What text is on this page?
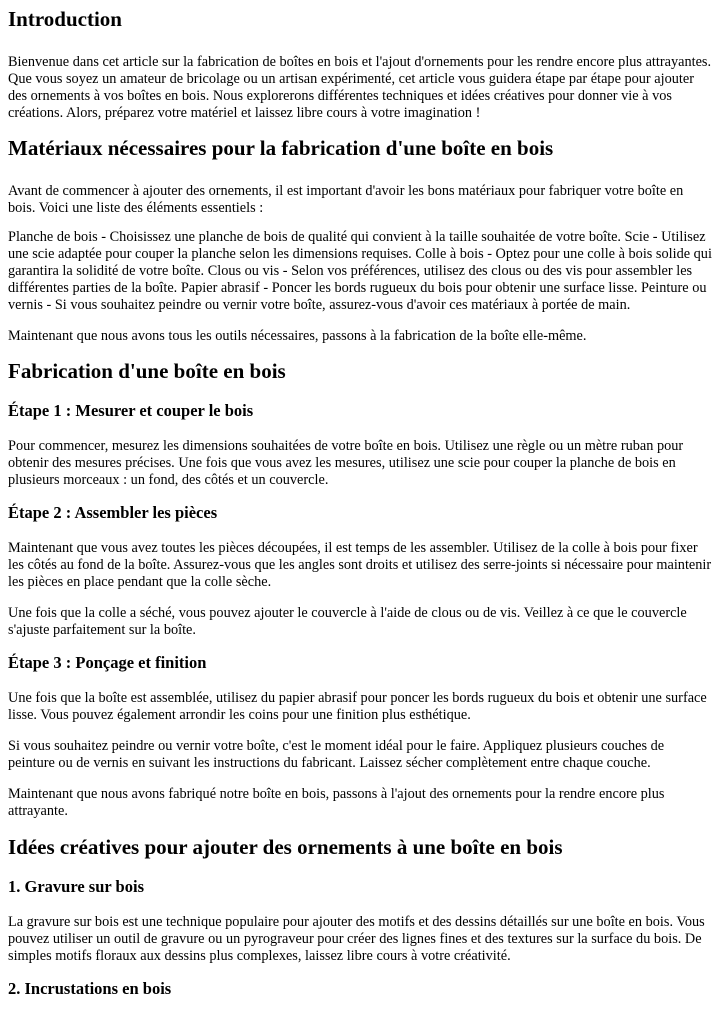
Introduction

Bienvenue dans cet article sur la fabrication de boîtes en bois et l'ajout d'ornements pour les rendre encore plus attrayantes. Que vous soyez un amateur de bricolage ou un artisan expérimenté, cet article vous guidera étape par étape pour ajouter des ornements à vos boîtes en bois. Nous explorerons différentes techniques et idées créatives pour donner vie à vos créations. Alors, préparez votre matériel et laissez libre cours à votre imagination !

Matériaux nécessaires pour la fabrication d'une boîte en bois

Avant de commencer à ajouter des ornements, il est important d'avoir les bons matériaux pour fabriquer votre boîte en bois. Voici une liste des éléments essentiels :

Planche de bois - Choisissez une planche de bois de qualité qui convient à la taille souhaitée de votre boîte. Scie - Utilisez une scie adaptée pour couper la planche selon les dimensions requises. Colle à bois - Optez pour une colle à bois solide qui garantira la solidité de votre boîte. Clous ou vis - Selon vos préférences, utilisez des clous ou des vis pour assembler les différentes parties de la boîte. Papier abrasif - Poncer les bords rugueux du bois pour obtenir une surface lisse. Peinture ou vernis - Si vous souhaitez peindre ou vernir votre boîte, assurez-vous d'avoir ces matériaux à portée de main.

Maintenant que nous avons tous les outils nécessaires, passons à la fabrication de la boîte elle-même.

Fabrication d'une boîte en bois
Étape 1 : Mesurer et couper le bois

Pour commencer, mesurez les dimensions souhaitées de votre boîte en bois. Utilisez une règle ou un mètre ruban pour obtenir des mesures précises. Une fois que vous avez les mesures, utilisez une scie pour couper la planche de bois en plusieurs morceaux : un fond, des côtés et un couvercle.

Étape 2 : Assembler les pièces

Maintenant que vous avez toutes les pièces découpées, il est temps de les assembler. Utilisez de la colle à bois pour fixer les côtés au fond de la boîte. Assurez-vous que les angles sont droits et utilisez des serre-joints si nécessaire pour maintenir les pièces en place pendant que la colle sèche.

Une fois que la colle a séché, vous pouvez ajouter le couvercle à l'aide de clous ou de vis. Veillez à ce que le couvercle s'ajuste parfaitement sur la boîte.

Étape 3 : Ponçage et finition

Une fois que la boîte est assemblée, utilisez du papier abrasif pour poncer les bords rugueux du bois et obtenir une surface lisse. Vous pouvez également arrondir les coins pour une finition plus esthétique.

Si vous souhaitez peindre ou vernir votre boîte, c'est le moment idéal pour le faire. Appliquez plusieurs couches de peinture ou de vernis en suivant les instructions du fabricant. Laissez sécher complètement entre chaque couche.

Maintenant que nous avons fabriqué notre boîte en bois, passons à l'ajout des ornements pour la rendre encore plus attrayante.

Idées créatives pour ajouter des ornements à une boîte en bois
1. Gravure sur bois

La gravure sur bois est une technique populaire pour ajouter des motifs et des dessins détaillés sur une boîte en bois. Vous pouvez utiliser un outil de gravure ou un pyrograveur pour créer des lignes fines et des textures sur la surface du bois. De simples motifs floraux aux dessins plus complexes, laissez libre cours à votre créativité.

2. Incrustations en bois
